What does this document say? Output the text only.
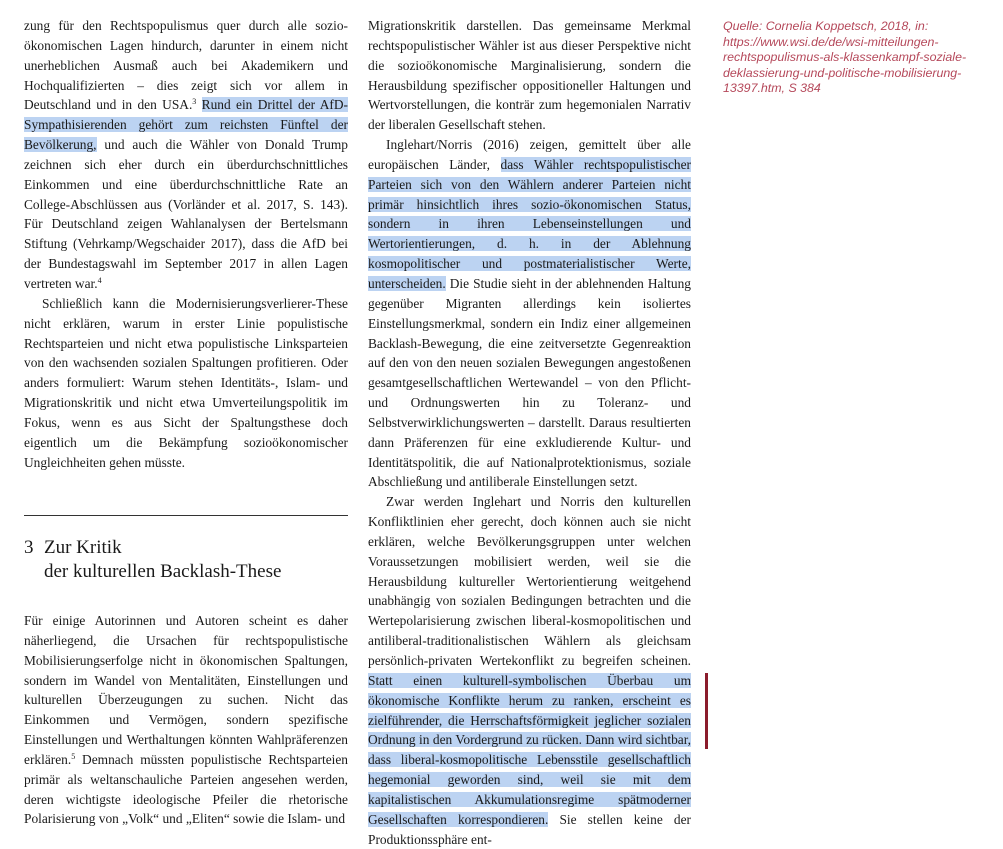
zung für den Rechtspopulismus quer durch alle sozio-ökonomischen Lagen hindurch, darunter in einem nicht unerheblichen Ausmaß auch bei Akademikern und Hochqualifizierten – dies zeigt sich vor allem in Deutschland und in den USA.$^3$ Rund ein Drittel der AfD-Sympathisierenden gehört zum reichsten Fünftel der Bevölkerung, und auch die Wähler von Donald Trump zeichnen sich eher durch ein überdurchschnittliches Einkommen und eine überdurchschnittliche Rate an College-Abschlüssen aus (Vorländer et al. 2017, S. 143). Für Deutschland zeigen Wahlanalysen der Bertelsmann Stiftung (Vehrkamp/Wegschaider 2017), dass die AfD bei der Bundestagswahl im September 2017 in allen Lagen vertreten war.$^4$

Schließlich kann die Modernisierungsverlierer-These nicht erklären, warum in erster Linie populistische Rechtsparteien und nicht etwa populistische Linksparteien von den wachsenden sozialen Spaltungen profitieren. Oder anders formuliert: Warum stehen Identitäts-, Islam- und Migrationskritik und nicht etwa Umverteilungspolitik im Fokus, wenn es aus Sicht der Spaltungsthese doch eigentlich um die Bekämpfung sozioökonomischer Ungleichheiten gehen müsste.

3 Zur Kritik
der kulturellen Backlash-These

Für einige Autorinnen und Autoren scheint es daher näherliegend, die Ursachen für rechtspopulistische Mobilisierungserfolge nicht in ökonomischen Spaltungen, sondern im Wandel von Mentalitäten, Einstellungen und kulturellen Überzeugungen zu suchen. Nicht das Einkommen und Vermögen, sondern spezifische Einstellungen und Werthaltungen könnten Wahlpräferenzen erklären.$^5$ Demnach müssten populistische Rechtsparteien primär als weltanschauliche Parteien angesehen werden, deren wichtigste ideologische Pfeiler die rhetorische Polarisierung von „Volk“ und „Eliten“ sowie die Islam- und

Migrationskritik darstellen. Das gemeinsame Merkmal rechtspopulistischer Wähler ist aus dieser Perspektive nicht die sozioökonomische Marginalisierung, sondern die Herausbildung spezifischer oppositioneller Haltungen und Wertvorstellungen, die konträr zum hegemonialen Narrativ der liberalen Gesellschaft stehen.

Inglehart/Norris (2016) zeigen, gemittelt über alle europäischen Länder, dass Wähler rechtspopulistischer Parteien sich von den Wählern anderer Parteien nicht primär hinsichtlich ihres sozio-ökonomischen Status, sondern in ihren Lebenseinstellungen und Wertorientierungen, d. h. in der Ablehnung kosmopolitischer und postmaterialistischer Werte, unterscheiden. Die Studie sieht in der ablehnenden Haltung gegenüber Migranten allerdings kein isoliertes Einstellungsmerkmal, sondern ein Indiz einer allgemeinen Backlash-Bewegung, die eine zeitversetzte Gegenreaktion auf den von den neuen sozialen Bewegungen angestoßenen gesamtgesellschaftlichen Wertewandel – von den Pflicht- und Ordnungswerten hin zu Toleranz- und Selbstverwirklichungswerten – darstellt. Daraus resultierten dann Präferenzen für eine exkludierende Kultur- und Identitätspolitik, die auf Nationalprotektionismus, soziale Abschließung und antiliberale Einstellungen setzt.

Zwar werden Inglehart und Norris den kulturellen Konfliktlinien eher gerecht, doch können auch sie nicht erklären, welche Bevölkerungsgruppen unter welchen Voraussetzungen mobilisiert werden, weil sie die Herausbildung kultureller Wertorientierung weitgehend unabhängig von sozialen Bedingungen betrachten und die Wertepolarisierung zwischen liberal-kosmopolitischen und antiliberal-traditionalistischen Wählern als gleichsam persönlich-privaten Wertekonflikt zu begreifen scheinen. Statt einen kulturell-symbolischen Überbau um ökonomische Konflikte herum zu ranken, erscheint es zielführender, die Herrschaftsförmigkeit jeglicher sozialen Ordnung in den Vordergrund zu rücken. Dann wird sichtbar, dass liberal-kosmopolitische Lebensstile gesellschaftlich hegemonial geworden sind, weil sie mit dem kapitalistischen Akkumulationsregime spätmoderner Gesellschaften korrespondieren. Sie stellen keine der Produktionssphäre ent-

Quelle: Cornelia Koppetsch, 2018, in: https://www.wsi.de/de/wsi-mitteilungen-rechtspopulismus-als-klassenkampf-soziale-deklassierung-und-politische-mobilisierung-13397.htm, S 384
